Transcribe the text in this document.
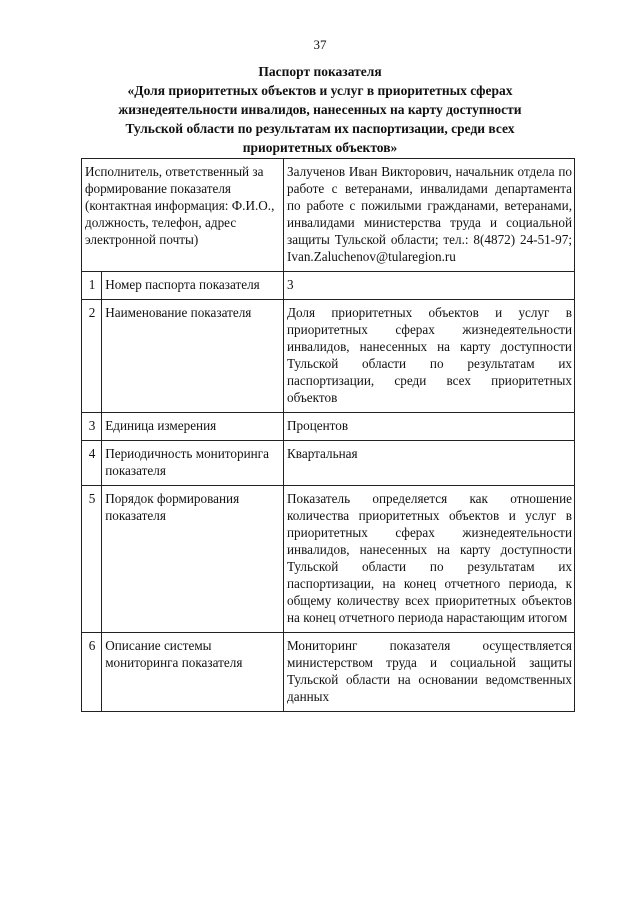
37
Паспорт показателя
«Доля приоритетных объектов и услуг в приоритетных сферах
жизнедеятельности инвалидов, нанесенных на карту доступности
Тульской области по результатам их паспортизации, среди всех
приоритетных объектов»
Исполнитель, ответственный за формирование показателя (контактная информация: Ф.И.О., должность, телефон, адрес электронной почты)		Залученов Иван Викторович, начальник отдела по работе с ветеранами, инвалидами департамента по работе с пожилыми гражданами, ветеранами, инвалидами министерства труда и социальной защиты Тульской области; тел.: 8(4872) 24-51-97; Ivan.Zaluchenov@tularegion.ru
1	Номер паспорта показателя	3
2	Наименование показателя	Доля приоритетных объектов и услуг в приоритетных сферах жизнедеятельности инвалидов, нанесенных на карту доступности Тульской области по результатам их паспортизации, среди всех приоритетных объектов
3	Единица измерения	Процентов
4	Периодичность мониторинга показателя	Квартальная
5	Порядок формирования показателя	Показатель определяется как отношение количества приоритетных объектов и услуг в приоритетных сферах жизнедеятельности инвалидов, нанесенных на карту доступности Тульской области по результатам их паспортизации, на конец отчетного периода, к общему количеству всех приоритетных объектов на конец отчетного периода нарастающим итогом
6	Описание системы мониторинга показателя	Мониторинг показателя осуществляется министерством труда и социальной защиты Тульской области на основании ведомственных данных
